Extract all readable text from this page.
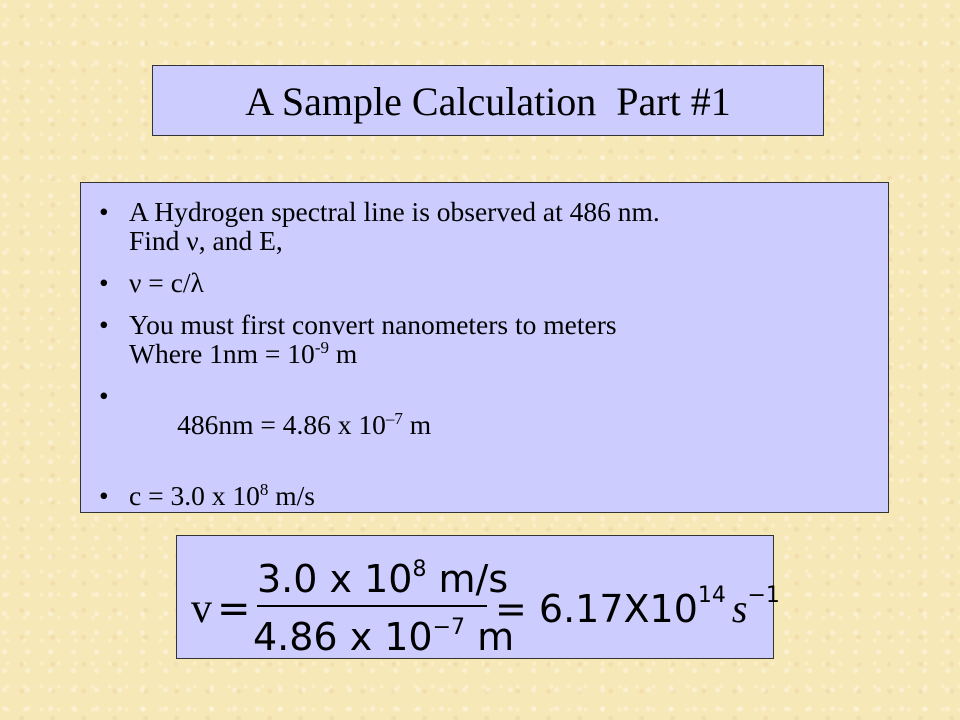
A Sample Calculation  Part #1
• A Hydrogen spectral line is observed at 486 nm.
Find ν, and E,
• ν = c/λ
• You must first convert nanometers to meters
Where $1nm = 10^{-9}$ m

•  486nm = 4.86 x $10^{-7}$ m

• c = 3.0 x $10^8$ m/s
v =
3.0 x $10^8$ m/s
4.86 x $10^{-7}$ m
= $6.17X10^{14}$ $s^{-1}$
